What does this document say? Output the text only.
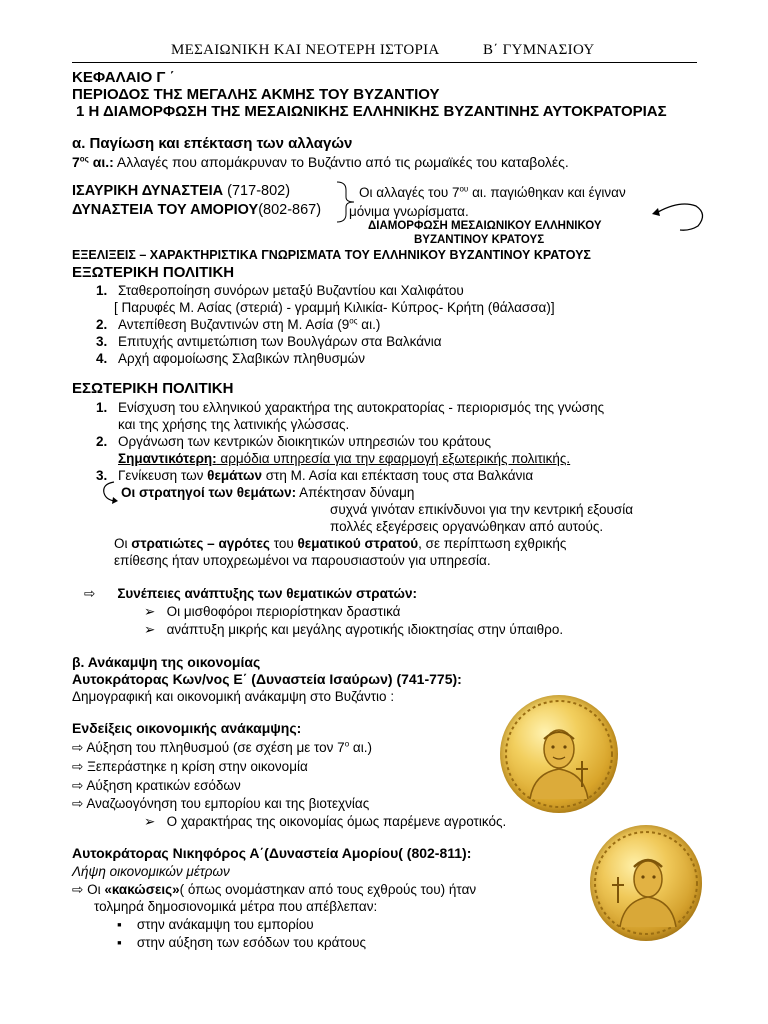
ΜΕΣΑΙΩΝΙΚΗ ΚΑΙ ΝΕΟΤΕΡΗ ΙΣΤΟΡΙΑ	Β΄ ΓΥΜΝΑΣΙΟΥ
ΚΕΦΑΛΑΙΟ Γ ΄
ΠΕΡΙΟΔΟΣ ΤΗΣ ΜΕΓΑΛΗΣ ΑΚΜΗΣ ΤΟΥ ΒΥΖΑΝΤΙΟΥ
1 Η ΔΙΑΜΟΡΦΩΣΗ ΤΗΣ ΜΕΣΑΙΩΝΙΚΗΣ ΕΛΛΗΝΙΚΗΣ ΒΥΖΑΝΤΙΝΗΣ ΑΥΤΟΚΡΑΤΟΡΙΑΣ
α. Παγίωση και επέκταση των αλλαγών
$7^{o\varsigma}$ αι.: Αλλαγές που απομάκρυναν το Βυζάντιο από τις ρωμαϊκές του καταβολές.
ΙΣΑΥΡΙΚΗ ΔΥΝΑΣΤΕΙΑ (717-802)
ΔΥΝΑΣΤΕΙΑ ΤΟΥ ΑΜΟΡΙΟΥ(802-867)
Οι αλλαγές του $7^{o\upsilon}$ αι. παγιώθηκαν και έγιναν
μόνιμα γνωρίσματα.
ΔΙΑΜΟΡΦΩΣΗ ΜΕΣΑΙΩΝΙΚΟΥ ΕΛΛΗΝΙΚΟΥ
ΒΥΖΑΝΤΙΝΟΥ ΚΡΑΤΟΥΣ
ΕΞΕΛΙΞΕΙΣ – ΧΑΡΑΚΤΗΡΙΣΤΙΚΑ ΓΝΩΡΙΣΜΑΤΑ ΤΟΥ ΕΛΛΗΝΙΚΟΥ ΒΥΖΑΝΤΙΝΟΥ ΚΡΑΤΟΥΣ
ΕΞΩΤΕΡΙΚΗ ΠΟΛΙΤΙΚΗ
1. Σταθεροποίηση συνόρων μεταξύ Βυζαντίου και Χαλιφάτου
[ Παρυφές Μ. Ασίας (στεριά) - γραμμή Κιλικία- Κύπρος- Κρήτη (θάλασσα)]
2. Αντεπίθεση Βυζαντινών στη Μ. Ασία ($9^{o\varsigma}$ αι.)
3. Επιτυχής αντιμετώπιση των Βουλγάρων στα Βαλκάνια
4. Αρχή αφομοίωσης Σλαβικών πληθυσμών
ΕΣΩΤΕΡΙΚΗ ΠΟΛΙΤΙΚΗ
1. Ενίσχυση του ελληνικού χαρακτήρα της αυτοκρατορίας - περιορισμός της γνώσης
και της χρήσης της λατινικής γλώσσας.
2. Οργάνωση των κεντρικών διοικητικών υπηρεσιών του κράτους
Σημαντικότερη: αρμόδια υπηρεσία για την εφαρμογή εξωτερικής πολιτικής.
3. Γενίκευση των θεμάτων στη Μ. Ασία και επέκταση τους στα Βαλκάνια
Οι στρατηγοί των θεμάτων: Απέκτησαν δύναμη
συχνά γινόταν επικίνδυνοι για την κεντρική εξουσία
πολλές εξεγέρσεις οργανώθηκαν από αυτούς.
Οι στρατιώτες – αγρότες του θεματικού στρατού, σε περίπτωση εχθρικής
επίθεσης ήταν υποχρεωμένοι να παρουσιαστούν για υπηρεσία.
⇨ Συνέπειες ανάπτυξης των θεματικών στρατών:
➢ Οι μισθοφόροι περιορίστηκαν δραστικά
➢ ανάπτυξη μικρής και μεγάλης αγροτικής ιδιοκτησίας στην ύπαιθρο.
β. Ανάκαμψη της οικονομίας
Αυτοκράτορας Κων/νος Ε΄ (Δυναστεία Ισαύρων) (741-775):
Δημογραφική και οικονομική ανάκαμψη στο Βυζάντιο :
Ενδείξεις οικονομικής ανάκαμψης:
⇨ Αύξηση του πληθυσμού (σε σχέση με τον $7^o$ αι.)
⇨ Ξεπεράστηκε η κρίση στην οικονομία
⇨ Αύξηση κρατικών εσόδων
⇨ Αναζωογόνηση του εμπορίου και της βιοτεχνίας
➢ Ο χαρακτήρας της οικονομίας όμως παρέμενε αγροτικός.
Αυτοκράτορας Νικηφόρος Α΄(Δυναστεία Αμορίου( (802-811):
Λήψη οικονομικών μέτρων
⇨ Οι «κακώσεις»( όπως ονομάστηκαν από τους εχθρούς του) ήταν
τολμηρά δημοσιονομικά μέτρα που απέβλεπαν:
▪ στην ανάκαμψη του εμπορίου
▪ στην αύξηση των εσόδων του κράτους
